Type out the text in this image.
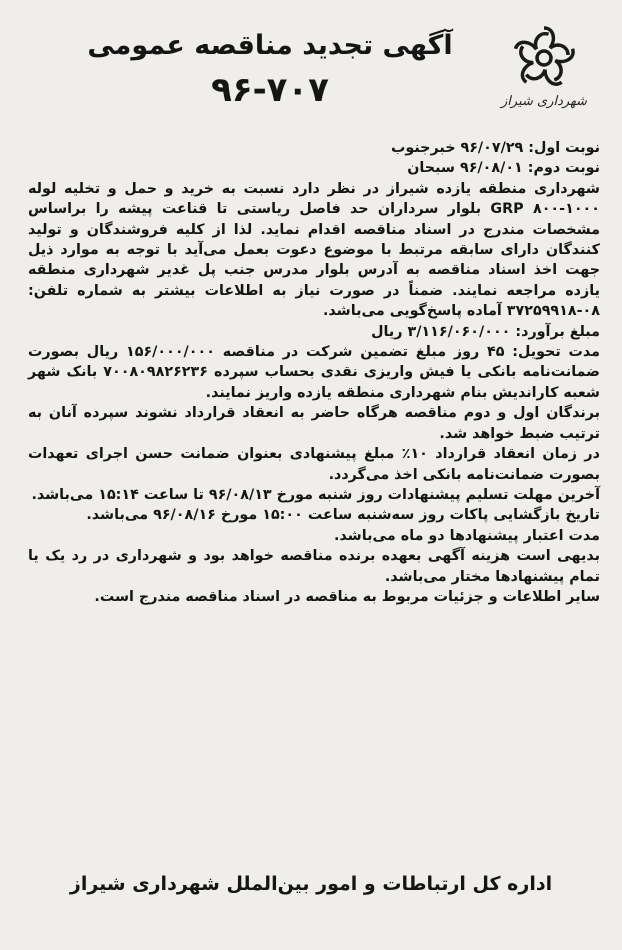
شهرداری شیراز
آگهی تجدید مناقصه عمومی
۹۶-۷۰۷

نوبت اول: ۹۶/۰۷/۲۹ خبرجنوب

نوبت دوم: ۹۶/۰۸/۰۱ سبحان

شهرداری منطقه یازده شیراز در نظر دارد نسبت به خرید و حمل و تخلیه لوله ۱۰۰۰-۸۰۰ GRP بلوار سرداران حد فاصل ریاستی تا قناعت پیشه را براساس مشخصات مندرج در اسناد مناقصه اقدام نماید. لذا از کلیه فروشندگان و تولید کنندگان دارای سابقه مرتبط با موضوع دعوت بعمل می‌آید با توجه به موارد ذیل جهت اخذ اسناد مناقصه به آدرس بلوار مدرس جنب پل غدیر شهرداری منطقه یازده مراجعه نمایند. ضمناً در صورت نیاز به اطلاعات بیشتر به شماره تلفن: ۰۸-۳۷۲۵۹۹۱۸ آماده پاسخ‌گویی می‌باشد.

مبلغ برآورد: ۳/۱۱۶/۰۶۰/۰۰۰ ریال

مدت تحویل: ۴۵ روز مبلغ تضمین شرکت در مناقصه ۱۵۶/۰۰۰/۰۰۰ ریال بصورت ضمانت‌نامه بانکی یا فیش واریزی نقدی بحساب سپرده ۷۰۰۸۰۹۸۲۶۲۳۶ بانک شهر شعبه کارانديش بنام شهرداری منطقه یازده واریز نمایند.

برندگان اول و دوم مناقصه هرگاه حاضر به انعقاد قرارداد نشوند سپرده آنان به ترتیب ضبط خواهد شد.

در زمان انعقاد قرارداد ۱۰٪ مبلغ پیشنهادی بعنوان ضمانت حسن اجرای تعهدات بصورت ضمانت‌نامه بانکی اخذ می‌گردد.

آخرین مهلت تسلیم پیشنهادات روز شنبه مورخ ۹۶/۰۸/۱۳ تا ساعت ۱۵:۱۴ می‌باشد.

تاریخ بازگشایی پاکات روز سه‌شنبه ساعت ۱۵:۰۰ مورخ ۹۶/۰۸/۱۶ می‌باشد.

مدت اعتبار پیشنهادها دو ماه می‌باشد.

بدیهی است هزینه آگهی بعهده برنده مناقصه خواهد بود و شهرداری در رد یک یا تمام پیشنهادها مختار می‌باشد.

سایر اطلاعات و جزئیات مربوط به مناقصه در اسناد مناقصه مندرج است.

اداره کل ارتباطات و امور بین‌الملل شهرداری شیراز
